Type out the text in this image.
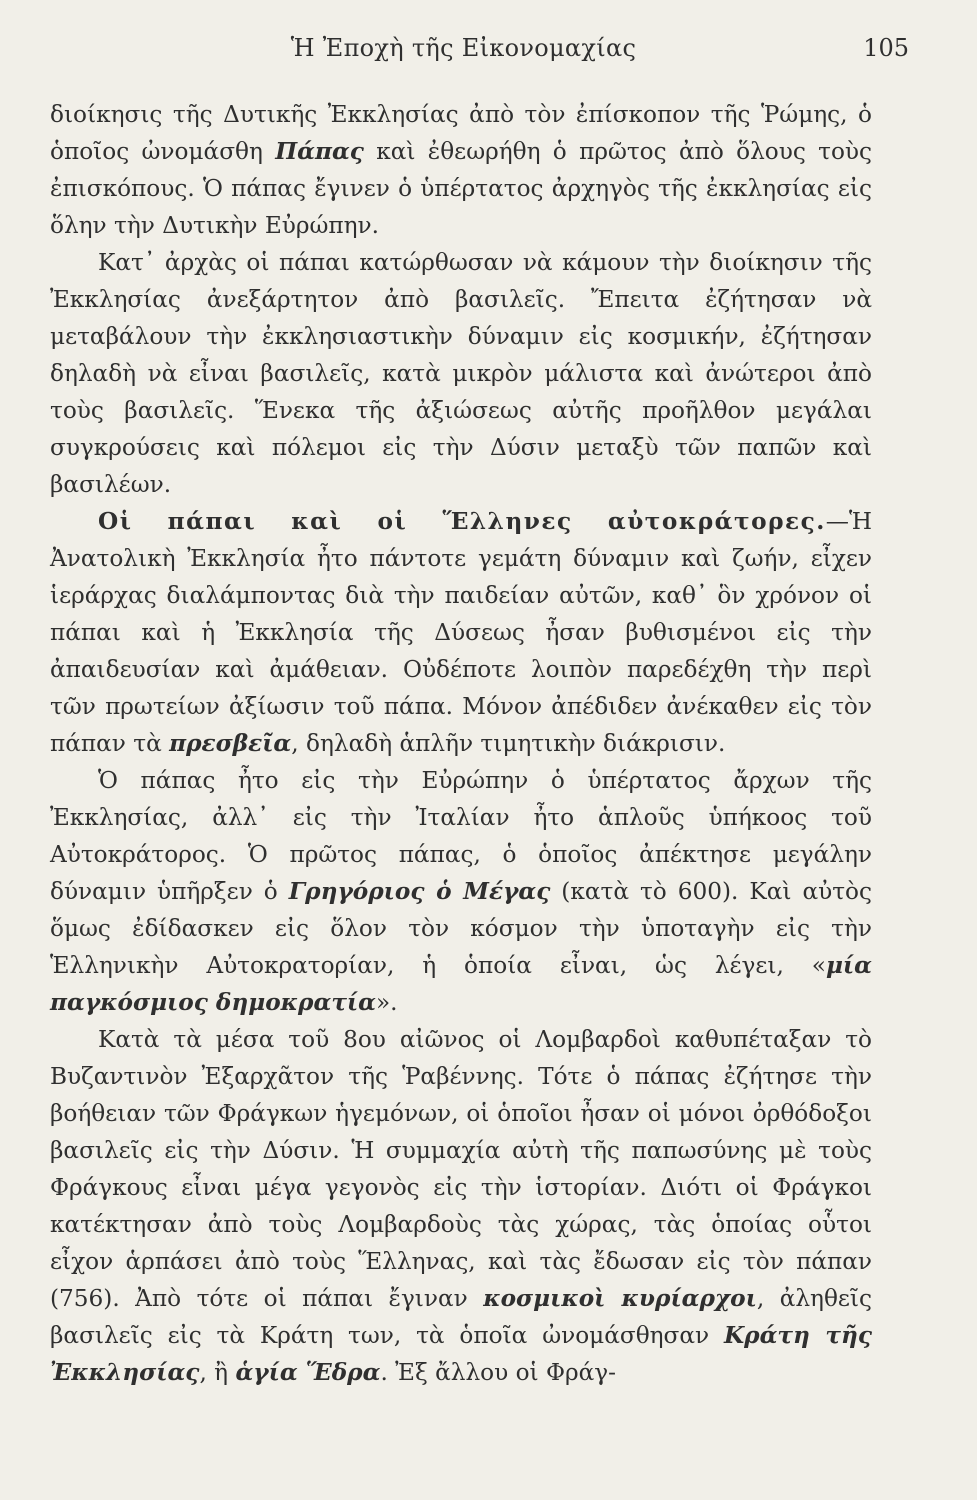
Ἡ Ἐποχὴ τῆς Εἰκονομαχίας	105

διοίκησις τῆς Δυτικῆς Ἐκκλησίας ἀπὸ τὸν ἐπίσκοπον τῆς Ῥώμης, ὁ ὁποῖος ὠνομάσθη Πάπας καὶ ἐθεωρήθη ὁ πρῶτος ἀπὸ ὅλους τοὺς ἐπισκόπους. Ὁ πάπας ἔγινεν ὁ ὑπέρτατος ἀρχηγὸς τῆς ἐκκλησίας εἰς ὅλην τὴν Δυτικὴν Εὐρώπην.

Κατ᾽ ἀρχὰς οἱ πάπαι κατώρθωσαν νὰ κάμουν τὴν διοίκησιν τῆς Ἐκκλησίας ἀνεξάρτητον ἀπὸ βασιλεῖς. Ἔπειτα ἐζήτησαν νὰ μεταβάλουν τὴν ἐκκλησιαστικὴν δύναμιν εἰς κοσμικήν, ἐζήτησαν δηλαδὴ νὰ εἶναι βασιλεῖς, κατὰ μικρὸν μάλιστα καὶ ἀνώτεροι ἀπὸ τοὺς βασιλεῖς. Ἕνεκα τῆς ἀξιώσεως αὐτῆς προῆλθον μεγάλαι συγκρούσεις καὶ πόλεμοι εἰς τὴν Δύσιν μεταξὺ τῶν παπῶν καὶ βασιλέων.

Οἱ πάπαι καὶ οἱ Ἕλληνες αὐτοκράτορες.—Ἡ Ἀνατολικὴ Ἐκκλησία ἦτο πάντοτε γεμάτη δύναμιν καὶ ζωήν, εἶχεν ἱεράρχας διαλάμποντας διὰ τὴν παιδείαν αὐτῶν, καθ᾽ ὃν χρόνον οἱ πάπαι καὶ ἡ Ἐκκλησία τῆς Δύσεως ἦσαν βυθισμένοι εἰς τὴν ἀπαιδευσίαν καὶ ἀμάθειαν. Οὐδέποτε λοιπὸν παρεδέχθη τὴν περὶ τῶν πρωτείων ἀξίωσιν τοῦ πάπα. Μόνον ἀπέδιδεν ἀνέκαθεν εἰς τὸν πάπαν τὰ πρεσβεῖα, δηλαδὴ ἁπλῆν τιμητικὴν διάκρισιν.

Ὁ πάπας ἦτο εἰς τὴν Εὐρώπην ὁ ὑπέρτατος ἄρχων τῆς Ἐκκλησίας, ἀλλ᾽ εἰς τὴν Ἰταλίαν ἦτο ἁπλοῦς ὑπήκοος τοῦ Αὐτοκράτορος. Ὁ πρῶτος πάπας, ὁ ὁποῖος ἀπέκτησε μεγάλην δύναμιν ὑπῆρξεν ὁ Γρηγόριος ὁ Μέγας (κατὰ τὸ 600). Καὶ αὐτὸς ὅμως ἐδίδασκεν εἰς ὅλον τὸν κόσμον τὴν ὑποταγὴν εἰς τὴν Ἑλληνικὴν Αὐτοκρατορίαν, ἡ ὁποία εἶναι, ὡς λέγει, «μία παγκόσμιος δημοκρατία».

Κατὰ τὰ μέσα τοῦ 8ου αἰῶνος οἱ Λομβαρδοὶ καθυπέταξαν τὸ Βυζαντινὸν Ἐξαρχᾶτον τῆς Ῥαβέννης. Τότε ὁ πάπας ἐζήτησε τὴν βοήθειαν τῶν Φράγκων ἡγεμόνων, οἱ ὁποῖοι ἦσαν οἱ μόνοι ὀρθόδοξοι βασιλεῖς εἰς τὴν Δύσιν. Ἡ συμμαχία αὐτὴ τῆς παπωσύνης μὲ τοὺς Φράγκους εἶναι μέγα γεγονὸς εἰς τὴν ἱστορίαν. Διότι οἱ Φράγκοι κατέκτησαν ἀπὸ τοὺς Λομβαρδοὺς τὰς χώρας, τὰς ὁποίας οὗτοι εἶχον ἁρπάσει ἀπὸ τοὺς Ἕλληνας, καὶ τὰς ἔδωσαν εἰς τὸν πάπαν (756). Ἀπὸ τότε οἱ πάπαι ἔγιναν κοσμικοὶ κυρίαρχοι, ἀληθεῖς βασιλεῖς εἰς τὰ Κράτη των, τὰ ὁποῖα ὠνομάσθησαν Κράτη τῆς Ἐκκλησίας, ἢ ἁγία Ἕδρα. Ἐξ ἄλλου οἱ Φράγ-
